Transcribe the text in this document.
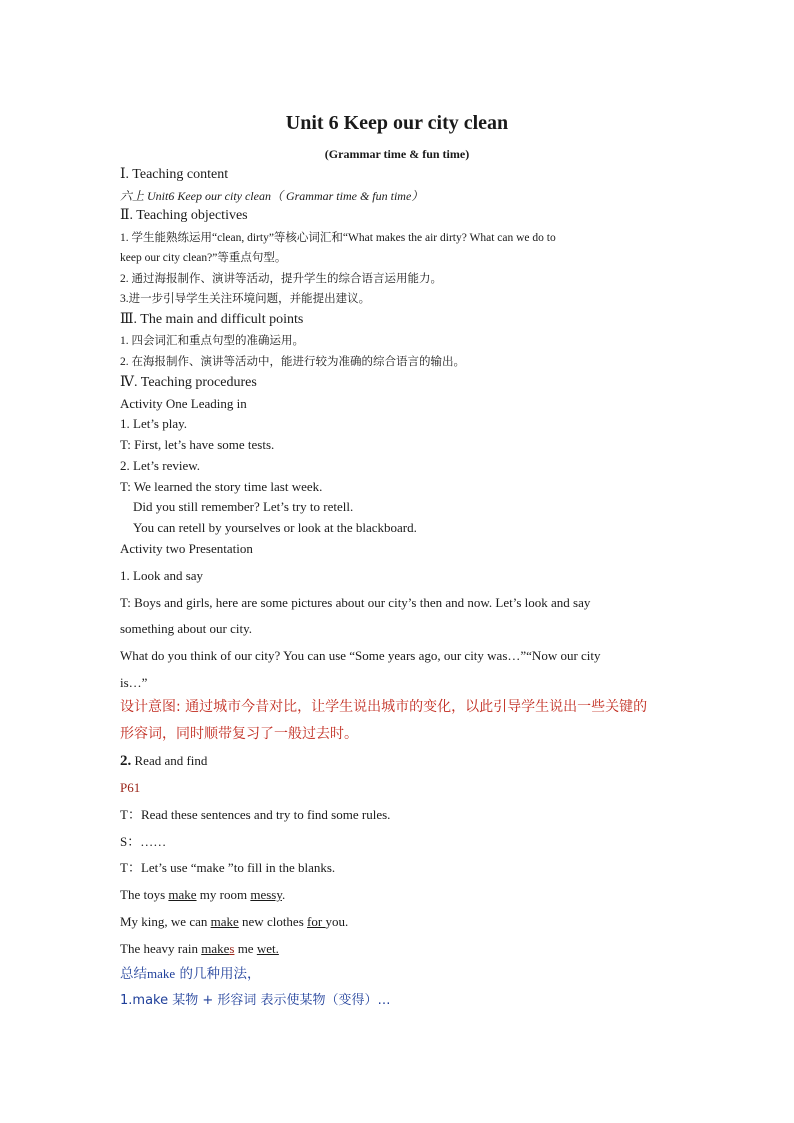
Unit 6 Keep our city clean
(Grammar time & fun time)
Ⅰ. Teaching content
六上 Unit6 Keep our city clean（ Grammar time & fun time）
Ⅱ. Teaching objectives
1. 学生能熟练运用“clean, dirty”等核心词汇和“What makes the air dirty? What can we do to
keep our city clean?”等重点句型。
2. 通过海报制作、演讲等活动，提升学生的综合语言运用能力。
3.进一步引导学生关注环境问题，并能提出建议。
Ⅲ. The main and difficult points
1. 四会词汇和重点句型的准确运用。
2. 在海报制作、演讲等活动中，能进行较为准确的综合语言的输出。
Ⅳ. Teaching procedures
Activity One Leading in
1. Let’s play.
T: First, let’s have some tests.
2. Let’s review.
T: We learned the story time last week.
Did you still remember? Let’s try to retell.
You can retell by yourselves or look at the blackboard.
Activity two Presentation
1. Look and say
T: Boys and girls, here are some pictures about our city’s then and now. Let’s look and say
something about our city.
What do you think of our city? You can use “Some years ago, our city was…”“Now our city
is…”
设计意图: 通过城市今昔对比，让学生说出城市的变化，以此引导学生说出一些关键的
形容词，同时顺带复习了一般过去时。
2. Read and find
P61
T：Read these sentences and try to find some rules.
S：……
T：Let’s use “make ”to fill in the blanks.
The toys make my room messy.
My king, we can make new clothes for you.
The heavy rain makes me wet.
总结make 的几种用法，
1.make 某物 + 形容词 表示使某物（变得）…
